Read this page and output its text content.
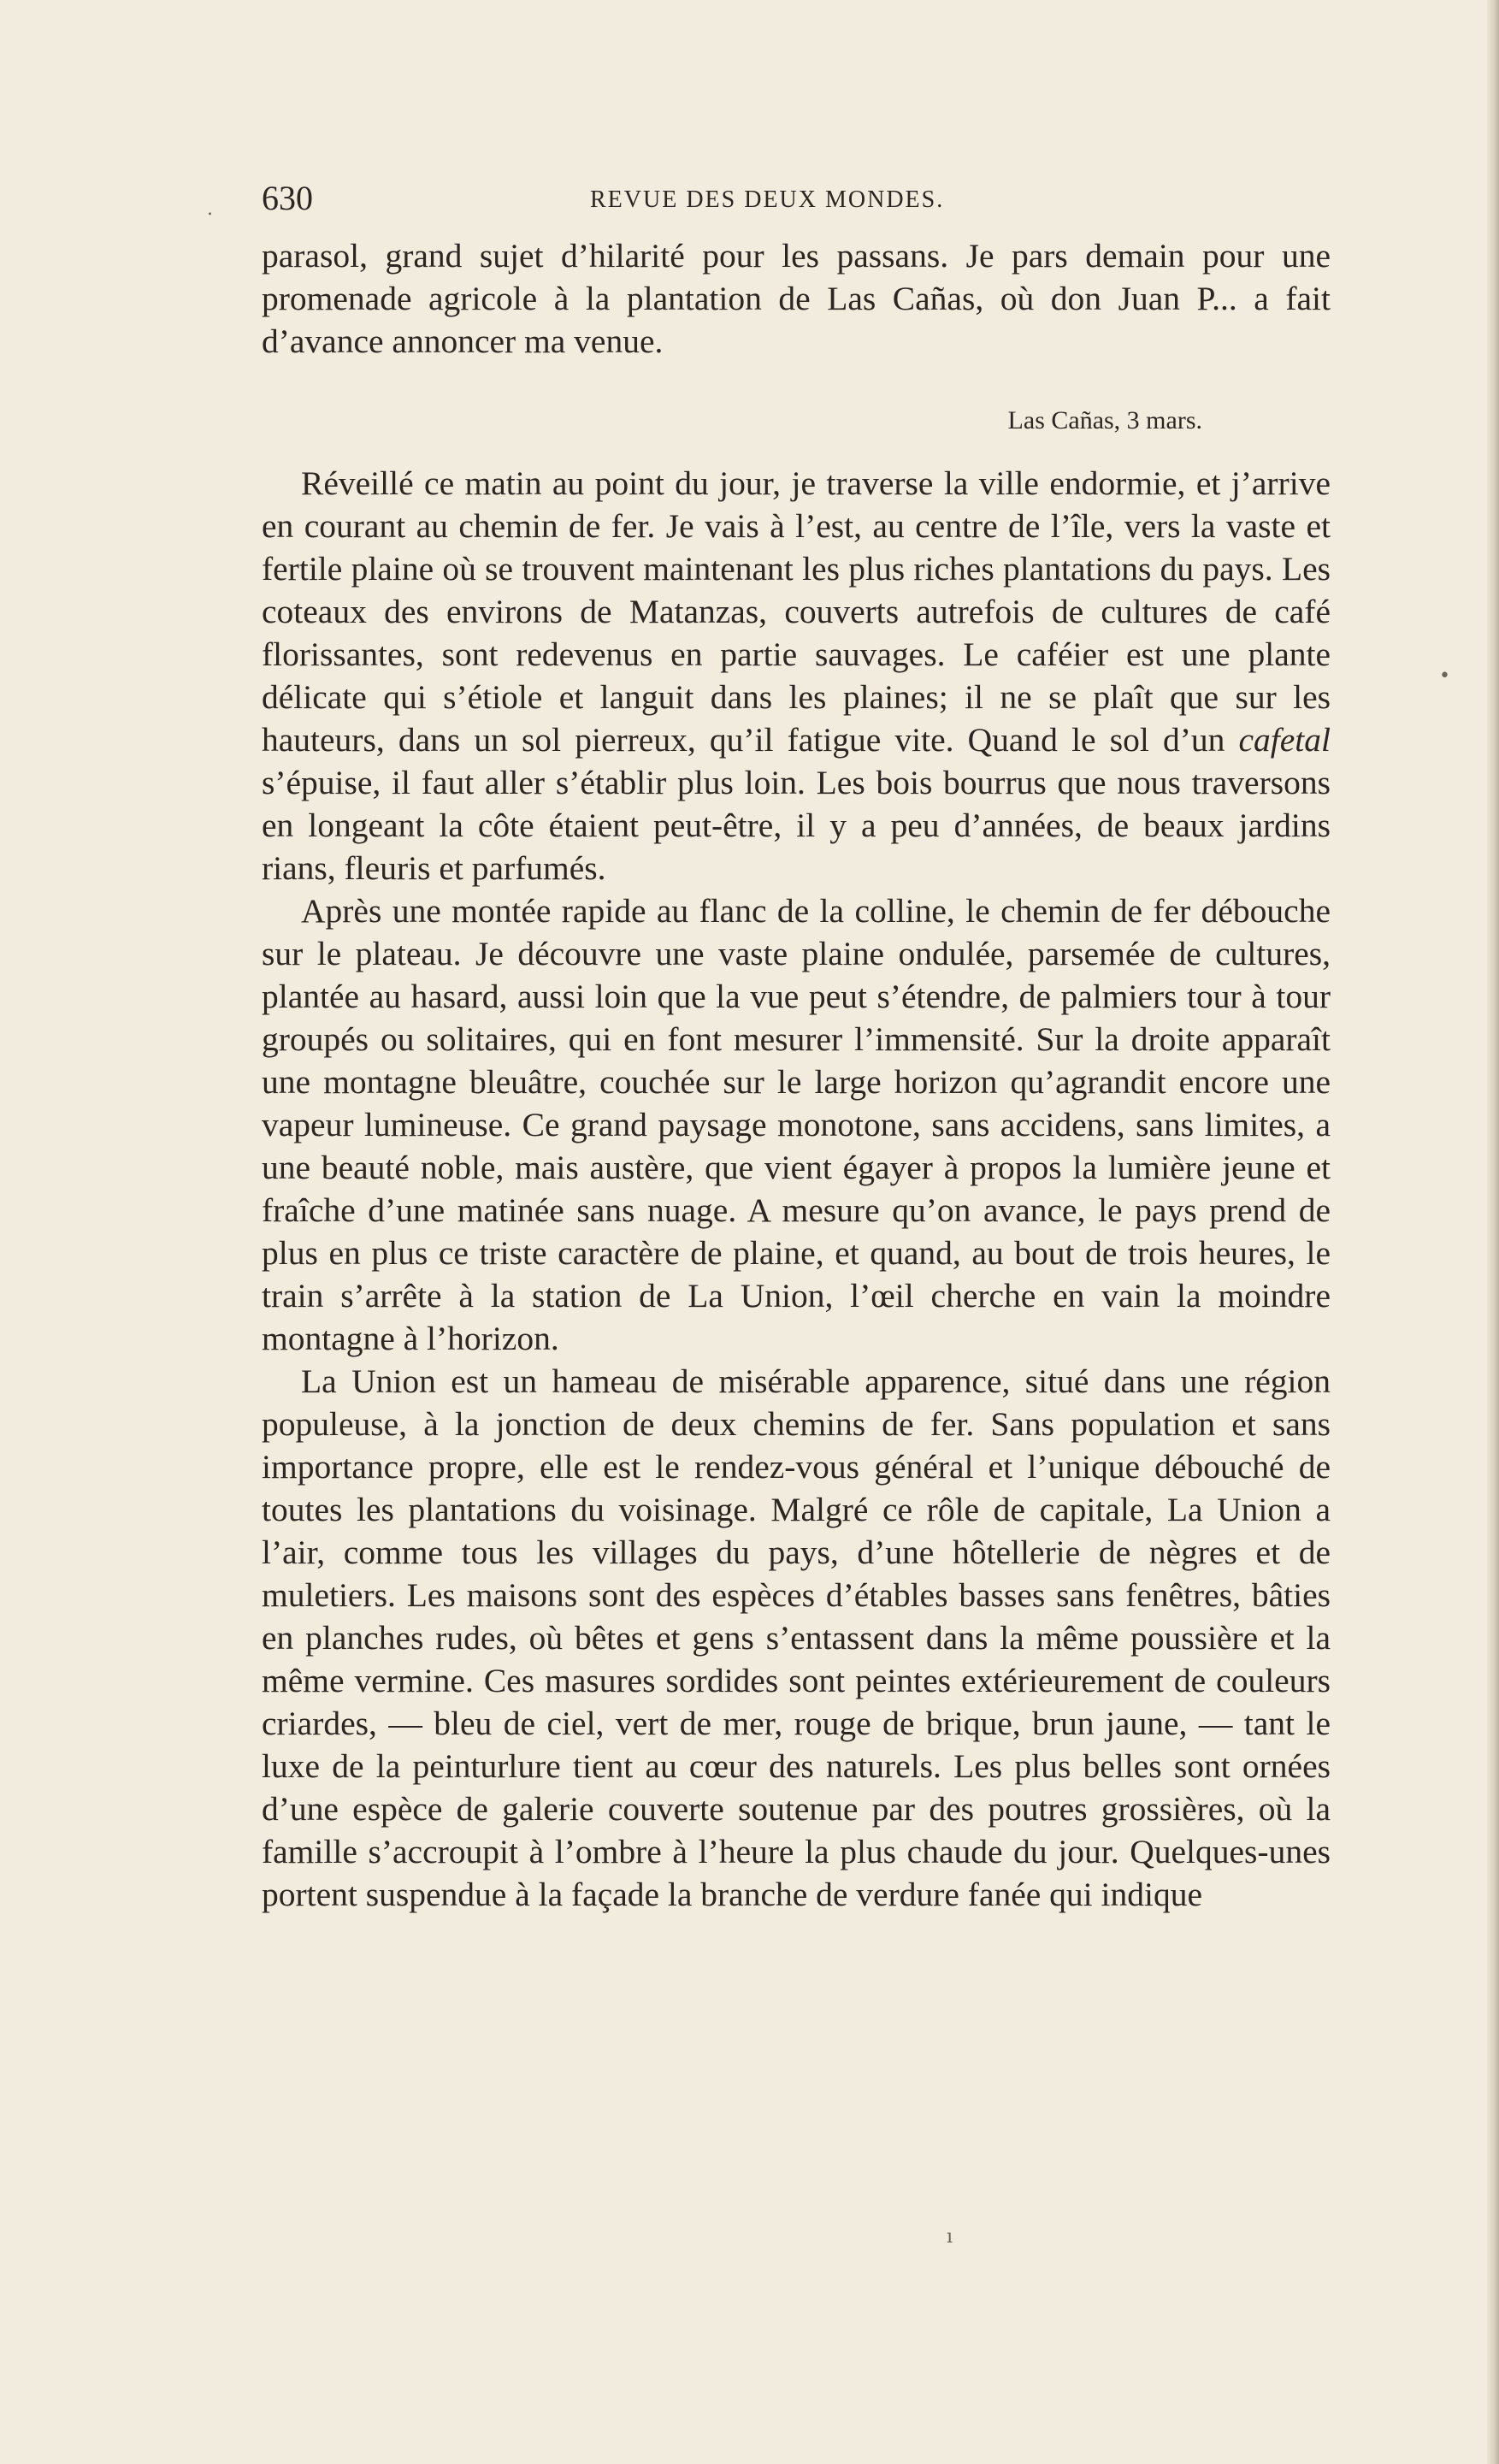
630	REVUE DES DEUX MONDES.

parasol, grand sujet d’hilarité pour les passans. Je pars demain pour une promenade agricole à la plantation de Las Cañas, où don Juan P... a fait d’avance annoncer ma venue.

Las Cañas, 3 mars.

Réveillé ce matin au point du jour, je traverse la ville endormie, et j’arrive en courant au chemin de fer. Je vais à l’est, au centre de l’île, vers la vaste et fertile plaine où se trouvent maintenant les plus riches plantations du pays. Les coteaux des environs de Matanzas, couverts autrefois de cultures de café florissantes, sont redevenus en partie sauvages. Le caféier est une plante délicate qui s’étiole et languit dans les plaines; il ne se plaît que sur les hauteurs, dans un sol pierreux, qu’il fatigue vite. Quand le sol d’un cafetal s’épuise, il faut aller s’établir plus loin. Les bois bourrus que nous traversons en longeant la côte étaient peut-être, il y a peu d’années, de beaux jardins rians, fleuris et parfumés.

Après une montée rapide au flanc de la colline, le chemin de fer débouche sur le plateau. Je découvre une vaste plaine ondulée, parsemée de cultures, plantée au hasard, aussi loin que la vue peut s’étendre, de palmiers tour à tour groupés ou solitaires, qui en font mesurer l’immensité. Sur la droite apparaît une montagne bleuâtre, couchée sur le large horizon qu’agrandit encore une vapeur lumineuse. Ce grand paysage monotone, sans accidens, sans limites, a une beauté noble, mais austère, que vient égayer à propos la lumière jeune et fraîche d’une matinée sans nuage. A mesure qu’on avance, le pays prend de plus en plus ce triste caractère de plaine, et quand, au bout de trois heures, le train s’arrête à la station de La Union, l’œil cherche en vain la moindre montagne à l’horizon.

La Union est un hameau de misérable apparence, situé dans une région populeuse, à la jonction de deux chemins de fer. Sans population et sans importance propre, elle est le rendez-vous général et l’unique débouché de toutes les plantations du voisinage. Malgré ce rôle de capitale, La Union a l’air, comme tous les villages du pays, d’une hôtellerie de nègres et de muletiers. Les maisons sont des espèces d’étables basses sans fenêtres, bâties en planches rudes, où bêtes et gens s’entassent dans la même poussière et la même vermine. Ces masures sordides sont peintes extérieurement de couleurs criardes, — bleu de ciel, vert de mer, rouge de brique, brun jaune, — tant le luxe de la peinturlure tient au cœur des naturels. Les plus belles sont ornées d’une espèce de galerie couverte soutenue par des poutres grossières, où la famille s’accroupit à l’ombre à l’heure la plus chaude du jour. Quelques-unes portent suspendue à la façade la branche de verdure fanée qui indique

.
•
ı
